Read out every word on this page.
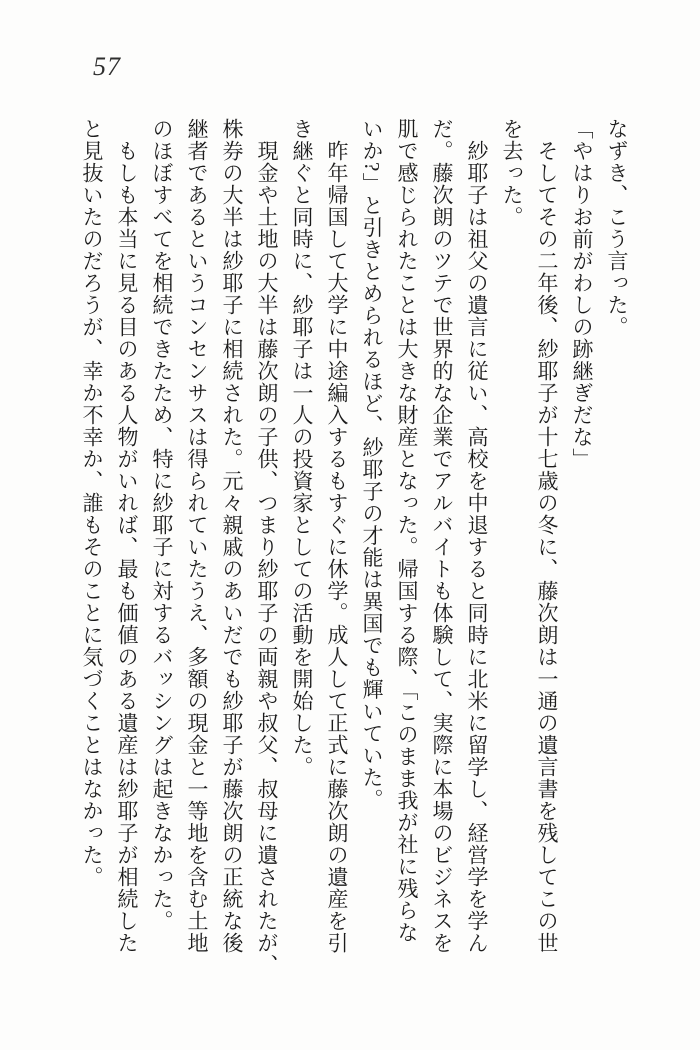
57
なずき、こう言った。
「やはりお前がわしの跡継ぎだな」
　そしてその二年後、紗耶子が十七歳の冬に、藤次朗は一通の遺言書を残してこの世
を去った。
　紗耶子は祖父の遺言に従い、高校を中退すると同時に北米に留学し、経営学を学ん
だ。藤次朗のツテで世界的な企業でアルバイトも体験して、実際に本場のビジネスを
肌で感じられたことは大きな財産となった。帰国する際、「このまま我が社に残らな
いか?」と引きとめられるほど、紗耶子の才能は異国でも輝いていた。
　昨年帰国して大学に中途編入するもすぐに休学。成人して正式に藤次朗の遺産を引
き継ぐと同時に、紗耶子は一人の投資家としての活動を開始した。
　現金や土地の大半は藤次朗の子供、つまり紗耶子の両親や叔父、叔母に遺されたが、
株券の大半は紗耶子に相続された。元々親戚のあいだでも紗耶子が藤次朗の正統な後
継者であるというコンセンサスは得られていたうえ、多額の現金と一等地を含む土地
のほぼすべてを相続できたため、特に紗耶子に対するバッシングは起きなかった。
　もしも本当に見る目のある人物がいれば、最も価値のある遺産は紗耶子が相続した
と見抜いたのだろうが、幸か不幸か、誰もそのことに気づくことはなかった。
